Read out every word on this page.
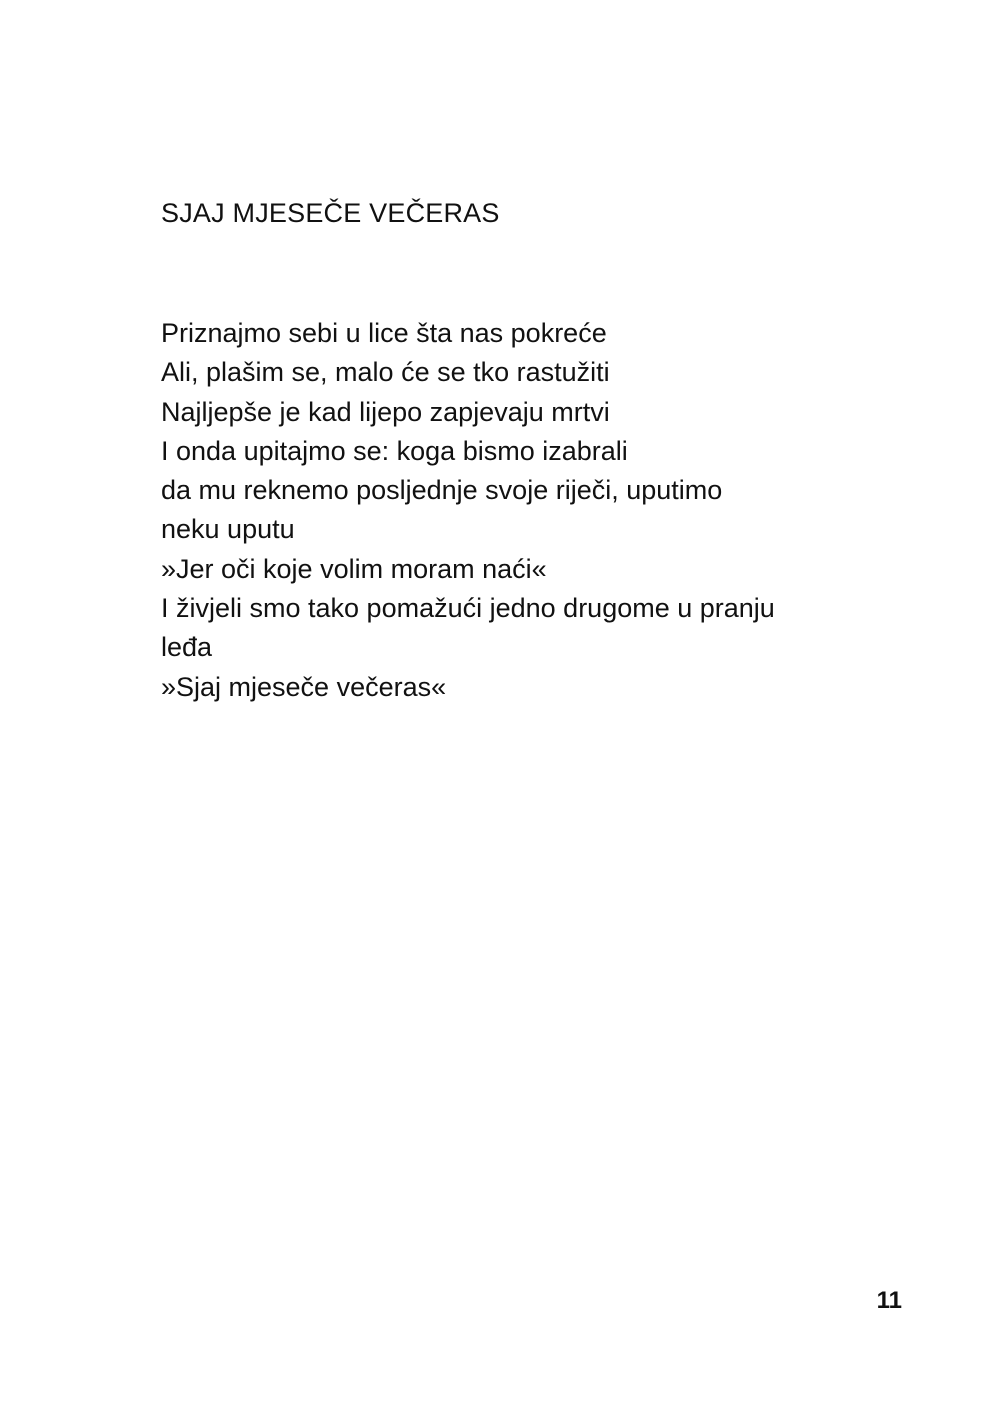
SJAJ MJESEČE VEČERAS
Priznajmo sebi u lice šta nas pokreće
Ali, plašim se, malo će se tko rastužiti
Najljepše je kad lijepo zapjevaju mrtvi
I onda upitajmo se: koga bismo izabrali
da mu reknemo posljednje svoje riječi, uputimo
neku uputu
»Jer oči koje volim moram naći«
I živjeli smo tako pomažući jedno drugome u pranju
leđa
»Sjaj mjeseče večeras«
11
